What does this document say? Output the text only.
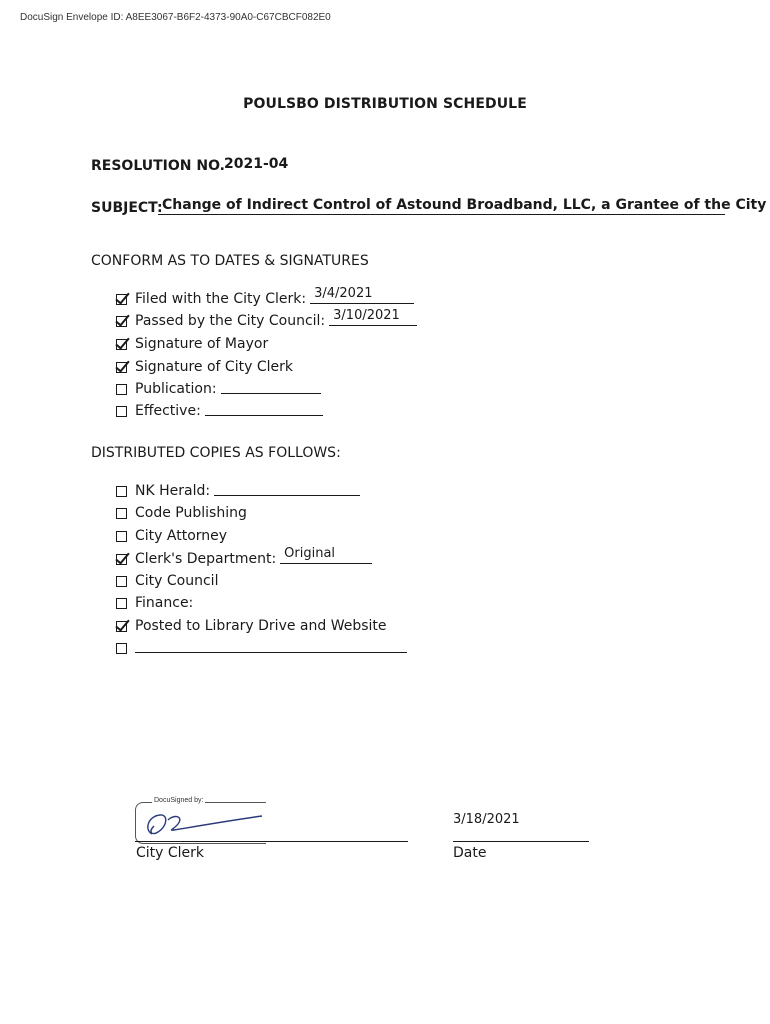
DocuSign Envelope ID: A8EE3067-B6F2-4373-90A0-C67CBCF082E0
POULSBO DISTRIBUTION SCHEDULE
RESOLUTION NO. 2021-04
SUBJECT: Change of Indirect Control of Astound Broadband, LLC, a Grantee of the City
CONFORM AS TO DATES & SIGNATURES
Filed with the City Clerk: 3/4/2021
Passed by the City Council: 3/10/2021
Signature of Mayor
Signature of City Clerk
Publication:
Effective:
DISTRIBUTED COPIES AS FOLLOWS:
NK Herald:
Code Publishing
City Attorney
Clerk's Department: Original
City Council
Finance:
Posted to Library Drive and Website
DocuSigned by:
City Clerk
3/18/2021
Date
